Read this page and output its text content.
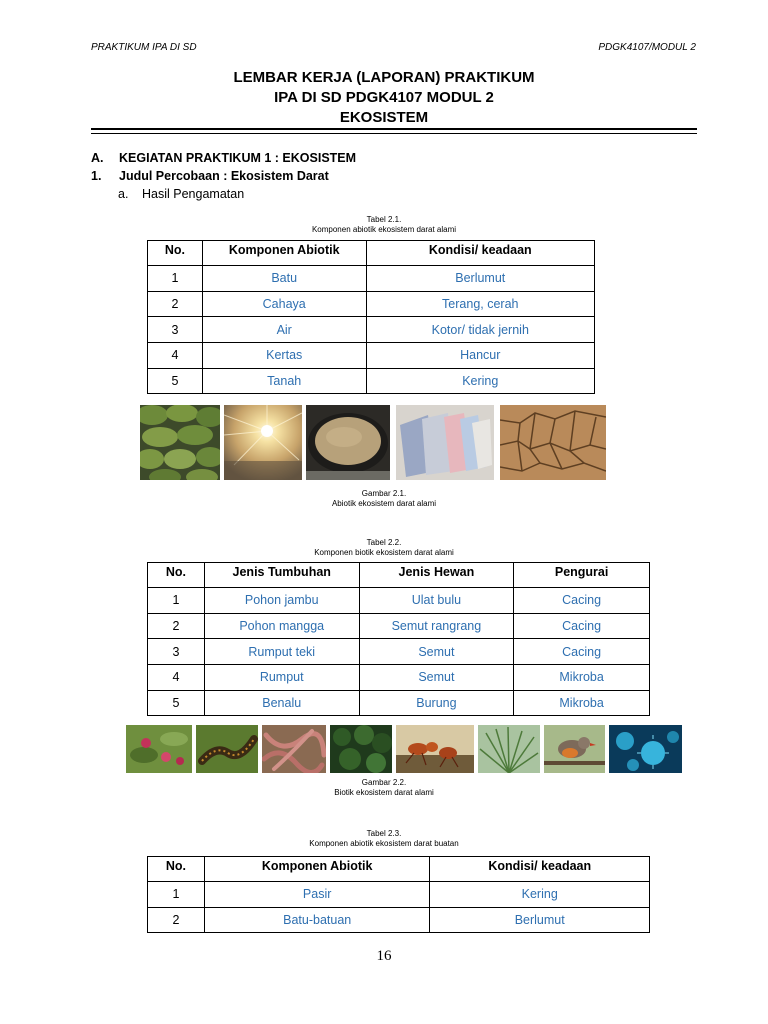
PRAKTIKUM IPA DI SD	PDGK4107/MODUL 2
LEMBAR KERJA (LAPORAN) PRAKTIKUM
IPA DI SD PDGK4107 MODUL 2
EKOSISTEM
A. KEGIATAN PRAKTIKUM 1 : EKOSISTEM
1. Judul Percobaan : Ekosistem Darat
a. Hasil Pengamatan
Tabel 2.1.
Komponen abiotik ekosistem darat alami
No.	Komponen Abiotik	Kondisi/ keadaan
1	Batu	Berlumut
2	Cahaya	Terang, cerah
3	Air	Kotor/ tidak jernih
4	Kertas	Hancur
5	Tanah	Kering
Gambar 2.1.
Abiotik ekosistem darat alami
Tabel 2.2.
Komponen biotik ekosistem darat alami
No.	Jenis Tumbuhan	Jenis Hewan	Pengurai
1	Pohon jambu	Ulat bulu	Cacing
2	Pohon mangga	Semut rangrang	Cacing
3	Rumput teki	Semut	Cacing
4	Rumput	Semut	Mikroba
5	Benalu	Burung	Mikroba
Gambar 2.2.
Biotik ekosistem darat alami
Tabel 2.3.
Komponen abiotik ekosistem darat buatan
No.	Komponen Abiotik	Kondisi/ keadaan
1	Pasir	Kering
2	Batu-batuan	Berlumut
16
